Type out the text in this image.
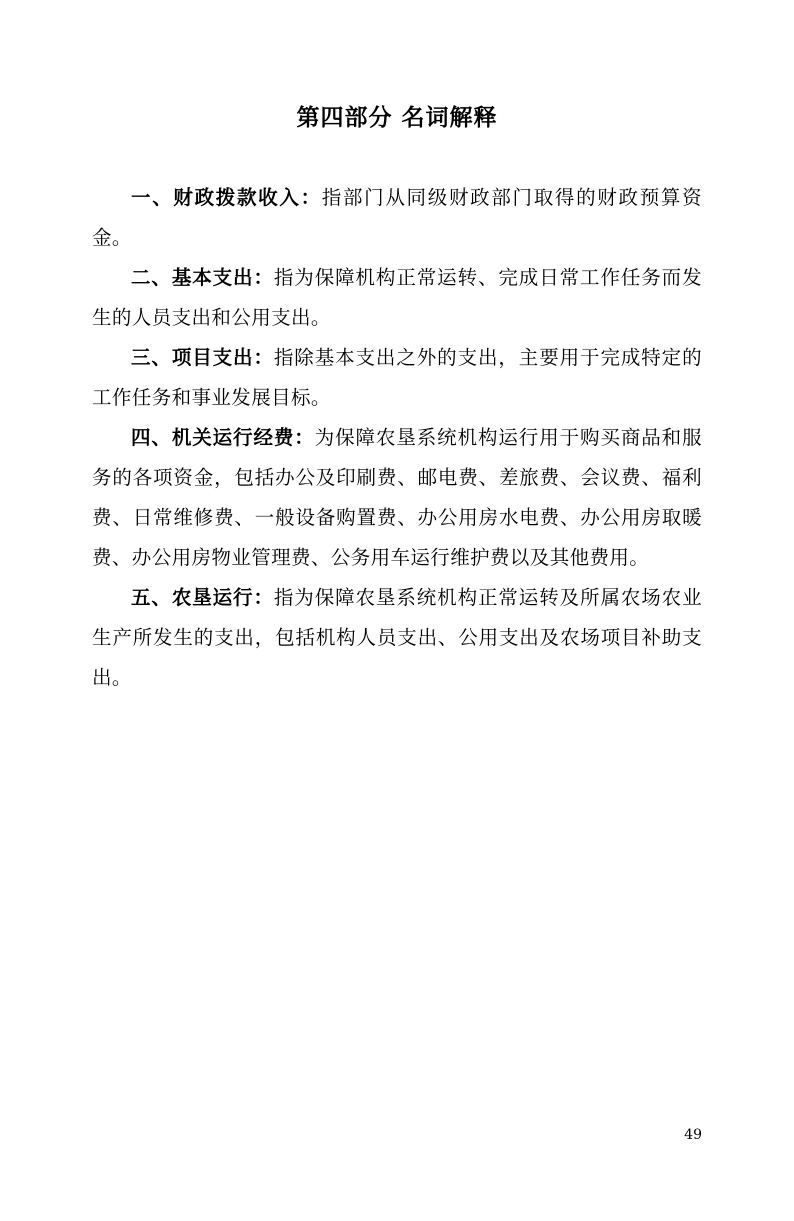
第四部分 名词解释

一、财政拨款收入：指部门从同级财政部门取得的财政预算资金。

二、基本支出：指为保障机构正常运转、完成日常工作任务而发生的人员支出和公用支出。

三、项目支出：指除基本支出之外的支出，主要用于完成特定的工作任务和事业发展目标。

四、机关运行经费：为保障农垦系统机构运行用于购买商品和服务的各项资金，包括办公及印刷费、邮电费、差旅费、会议费、福利费、日常维修费、一般设备购置费、办公用房水电费、办公用房取暖费、办公用房物业管理费、公务用车运行维护费以及其他费用。

五、农垦运行：指为保障农垦系统机构正常运转及所属农场农业生产所发生的支出，包括机构人员支出、公用支出及农场项目补助支出。

49
